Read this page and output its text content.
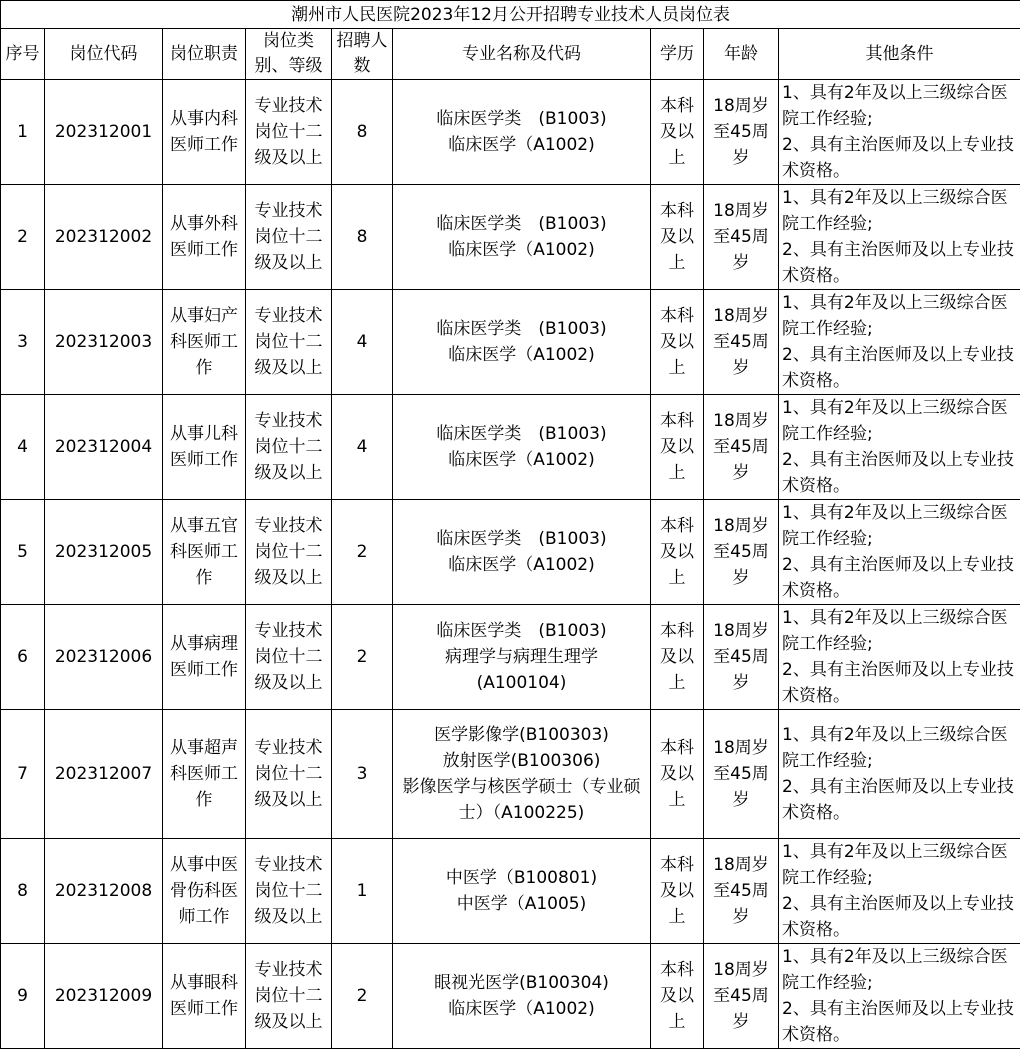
潮州市人民医院2023年12月公开招聘专业技术人员岗位表								
序号	岗位代码	岗位职责	岗位类别、等级	招聘人数	专业名称及代码	学历	年龄	其他条件
1	202312001	从事内科医师工作	专业技术岗位十二级及以上	8	临床医学类　(B1003)
临床医学（A1002)	本科及以上	18周岁至45周岁	1、具有2年及以上三级综合医院工作经验;
2、具有主治医师及以上专业技术资格。
2	202312002	从事外科医师工作	专业技术岗位十二级及以上	8	临床医学类　(B1003)
临床医学（A1002)	本科及以上	18周岁至45周岁	1、具有2年及以上三级综合医院工作经验;
2、具有主治医师及以上专业技术资格。
3	202312003	从事妇产科医师工作	专业技术岗位十二级及以上	4	临床医学类　(B1003)
临床医学（A1002)	本科及以上	18周岁至45周岁	1、具有2年及以上三级综合医院工作经验;
2、具有主治医师及以上专业技术资格。
4	202312004	从事儿科医师工作	专业技术岗位十二级及以上	4	临床医学类　(B1003)
临床医学（A1002)	本科及以上	18周岁至45周岁	1、具有2年及以上三级综合医院工作经验;
2、具有主治医师及以上专业技术资格。
5	202312005	从事五官科医师工作	专业技术岗位十二级及以上	2	临床医学类　(B1003)
临床医学（A1002)	本科及以上	18周岁至45周岁	1、具有2年及以上三级综合医院工作经验;
2、具有主治医师及以上专业技术资格。
6	202312006	从事病理医师工作	专业技术岗位十二级及以上	2	临床医学类　(B1003)
病理学与病理生理学
(A100104)	本科及以上	18周岁至45周岁	1、具有2年及以上三级综合医院工作经验;
2、具有主治医师及以上专业技术资格。
7	202312007	从事超声科医师工作	专业技术岗位十二级及以上	3	医学影像学(B100303)
放射医学(B100306)
影像医学与核医学硕士（专业硕士）（A100225)	本科及以上	18周岁至45周岁	1、具有2年及以上三级综合医院工作经验;
2、具有主治医师及以上专业技术资格。
8	202312008	从事中医骨伤科医师工作	专业技术岗位十二级及以上	1	中医学（B100801)
中医学（A1005)	本科及以上	18周岁至45周岁	1、具有2年及以上三级综合医院工作经验;
2、具有主治医师及以上专业技术资格。
9	202312009	从事眼科医师工作	专业技术岗位十二级及以上	2	眼视光医学(B100304)
临床医学（A1002)	本科及以上	18周岁至45周岁	1、具有2年及以上三级综合医院工作经验;
2、具有主治医师及以上专业技术资格。
